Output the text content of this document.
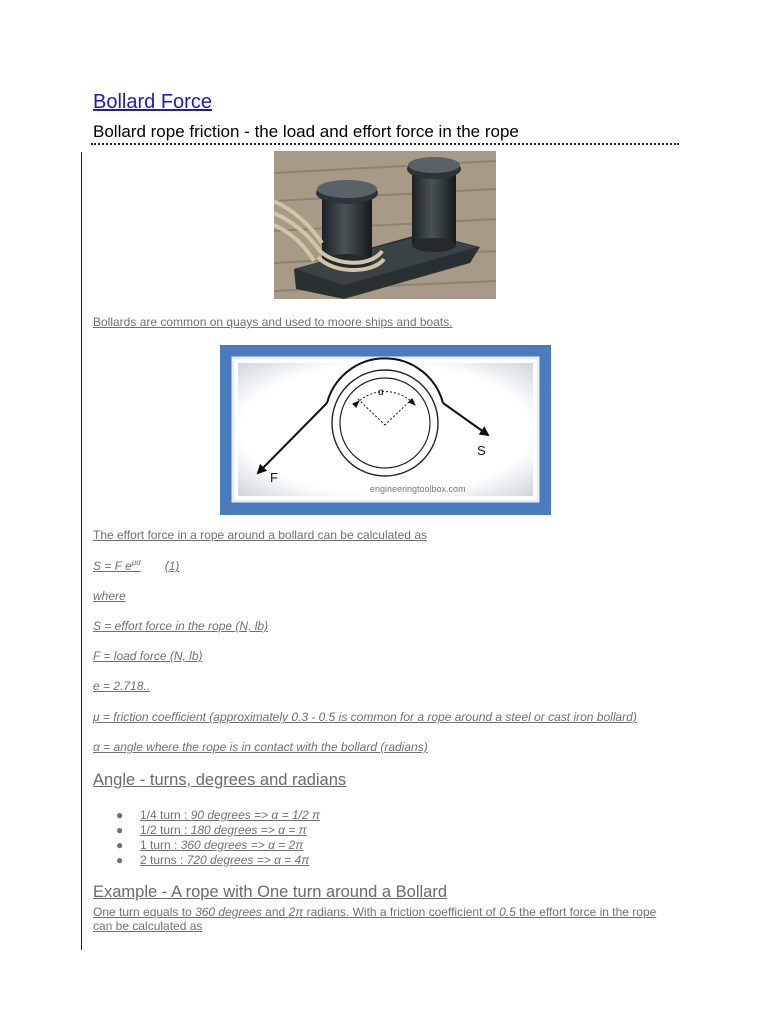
Bollard Force
Bollard rope friction - the load and effort force in the rope
Bollards are common on quays and used to moore ships and boats.
α
S
F
engineeringtoolbox.com
The effort force in a rope around a bollard can be calculated as
S = F $e^{\mu\alpha}$ (1)
where
S = effort force in the rope (N, lb)
F = load force (N, lb)
e = 2.718..
μ = friction coefficient (approximately 0.3 - 0.5 is common for a rope around a steel or cast iron bollard)
α = angle where the rope is in contact with the bollard (radians)
Angle - turns, degrees and radians
● 1/4 turn : 90 degrees => α = 1/2 π
● 1/2 turn : 180 degrees => α = π
● 1 turn : 360 degrees => α = 2π
● 2 turns : 720 degrees => α = 4π
Example - A rope with One turn around a Bollard
One turn equals to 360 degrees and 2π radians. With a friction coefficient of 0.5 the effort force in the rope can be calculated as
